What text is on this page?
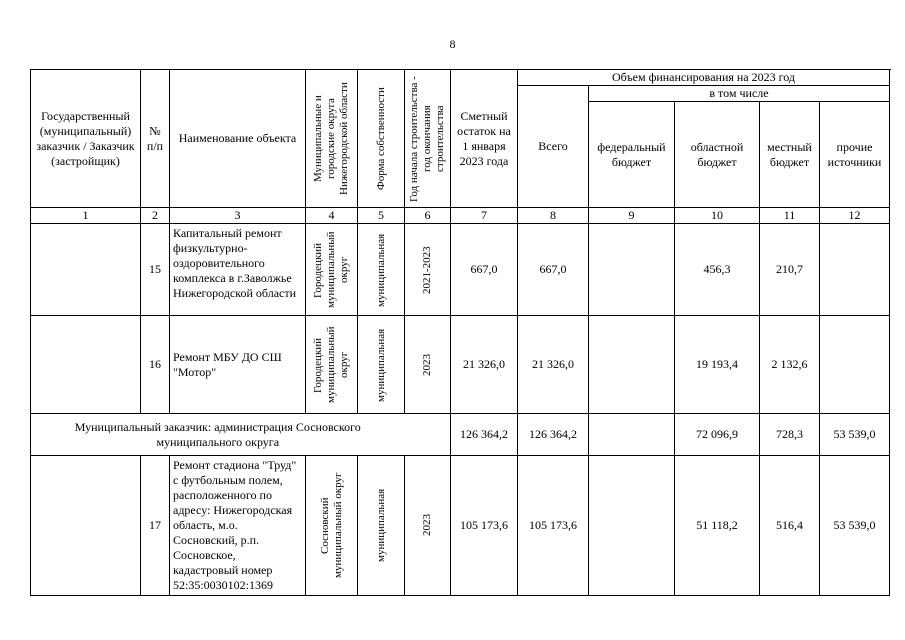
8
Государственный (муниципальный) заказчик / Заказчик (застройщик)	№ п/п	Наименование объекта	Муниципальные и городские округа Нижегородской области	Форма собственности	Год начала строительства - год окончания строительства	Сметный остаток на 1 января 2023 года	Объем финансирования на 2023 год				
							Всего	в том числе			
								федеральный бюджет	областной бюджет	местный бюджет	прочие источники
1	2	3	4	5	6	7	8	9	10	11	12
	15	Капитальный ремонт физкультурно-оздоровительного комплекса в г.Заволжье Нижегородской области	Городецкий муниципальный округ	муниципальная	2021-2023	667,0	667,0		456,3	210,7	
	16	Ремонт МБУ ДО СШ "Мотор"	Городецкий муниципальный округ	муниципальная	2023	21 326,0	21 326,0		19 193,4	2 132,6	
Муниципальный заказчик: администрация Сосновского муниципального округа						126 364,2	126 364,2		72 096,9	728,3	53 539,0
	17	Ремонт стадиона "Труд" с футбольным полем, расположенного по адресу: Нижегородская область, м.о. Сосновский, р.п. Сосновское, кадастровый номер 52:35:0030102:1369	Сосновский муниципальный округ	муниципальная	2023	105 173,6	105 173,6		51 118,2	516,4	53 539,0
